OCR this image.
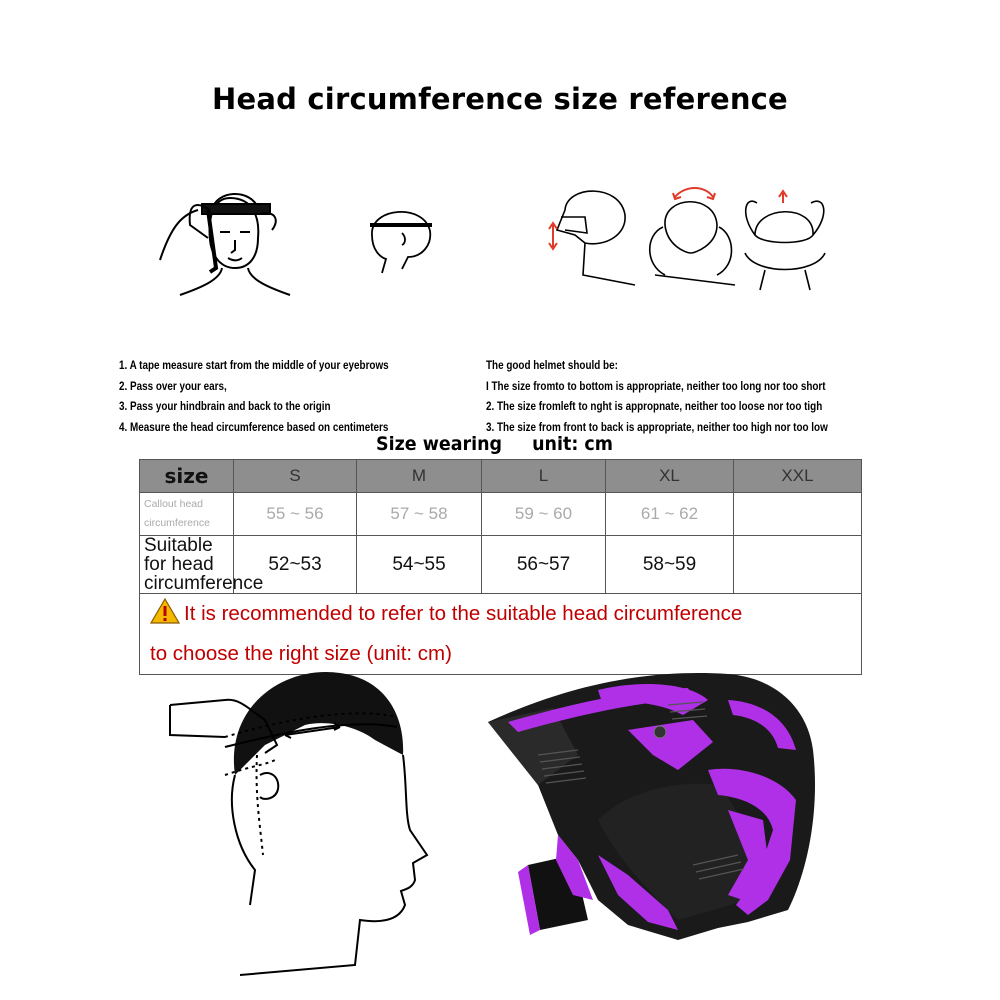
Head circumference size reference
1. A tape measure start from the middle of your eyebrows
2. Pass over your ears,
3. Pass your hindbrain and back to the origin
4. Measure the head circumference based on centimeters
The good helmet should be:
I The size fromto to bottom is appropriate, neither too long nor too short
2. The size fromleft to nght is appropnate, neither too loose nor too tigh
3. The size from front to back is appropriate, neither too high nor too low
Size wearing unit: cm
size	S	M	L	XL	XXL

Callout head
circumference	55 ~ 56	57 ~ 58	59 ~ 60	61 ~ 62	

Suitable for head
circumference	52~53	54~55	56~57	58~59	

It is recommended to refer to the suitable head circumference
to choose the right size (unit: cm)					
